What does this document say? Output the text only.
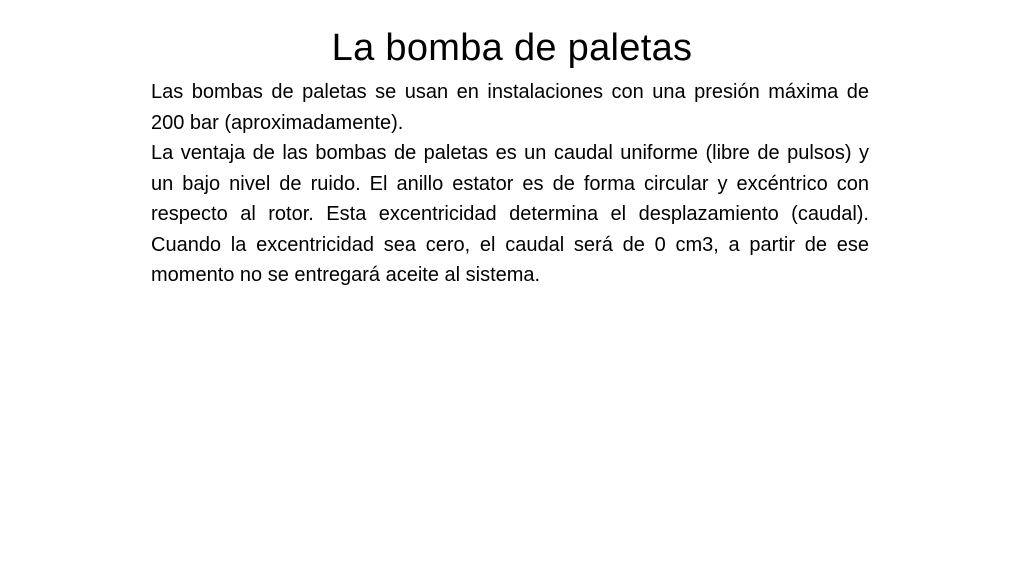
La bomba de paletas

Las bombas de paletas se usan en instalaciones con una presión máxima de 200 bar (aproximadamente).

La ventaja de las bombas de paletas es un caudal uniforme (libre de pulsos) y un bajo nivel de ruido. El anillo estator es de forma circular y excéntrico con respecto al rotor. Esta excentricidad determina el desplazamiento (caudal). Cuando la excentricidad sea cero, el caudal será de 0 cm3, a partir de ese momento no se entregará aceite al sistema.
